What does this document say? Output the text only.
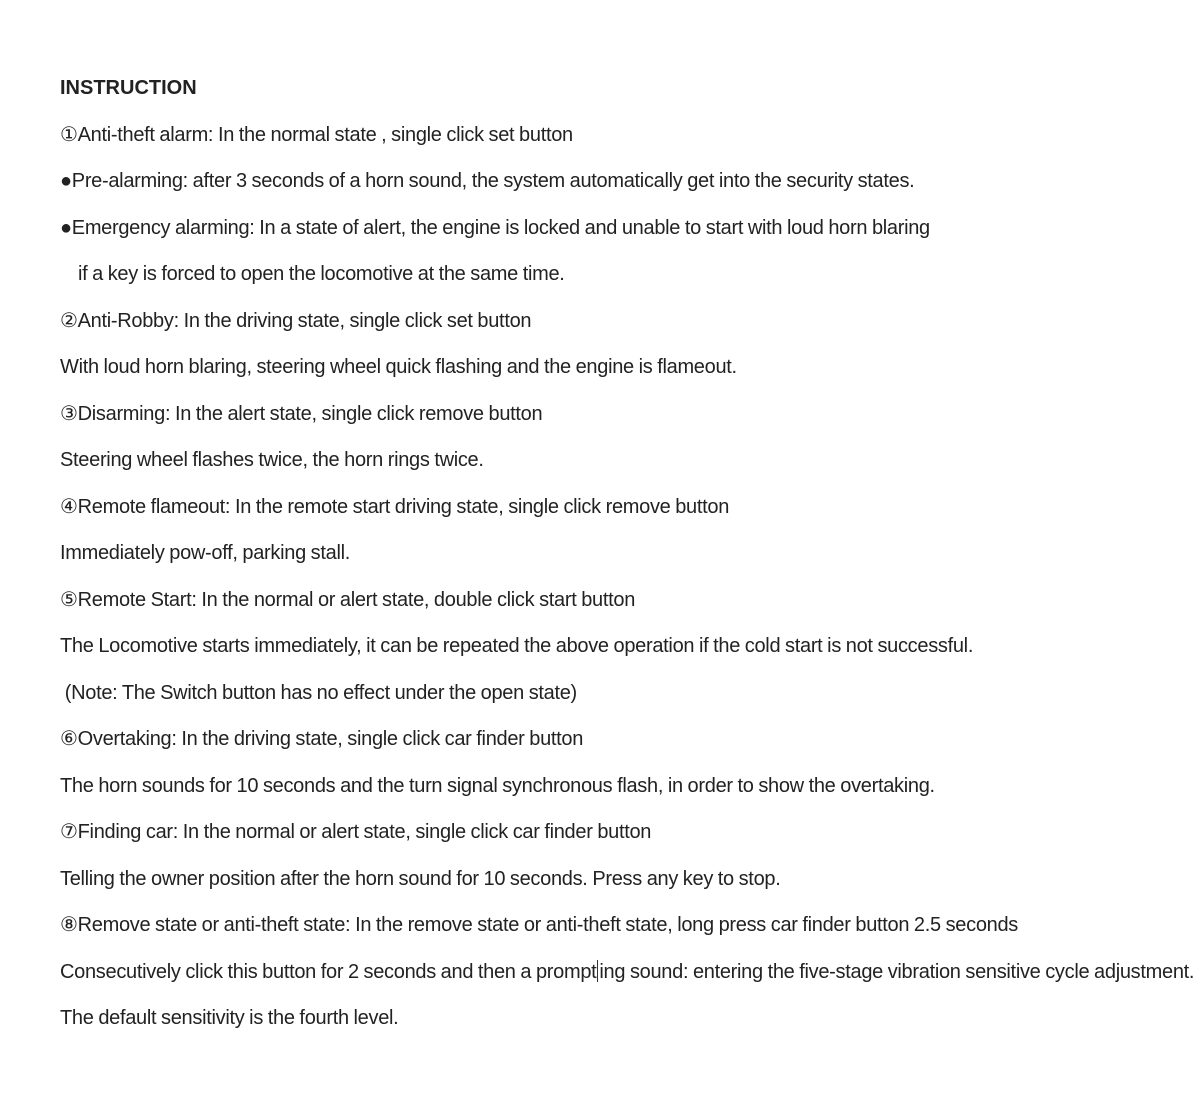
INSTRUCTION
①Anti-theft alarm: In the normal state , single click set button
●Pre-alarming: after 3 seconds of a horn sound, the system automatically get into the security states.
●Emergency alarming: In a state of alert, the engine is locked and unable to start with loud horn blaring
if a key is forced to open the locomotive at the same time.
②Anti-Robby: In the driving state, single click set button
With loud horn blaring, steering wheel quick flashing and the engine is flameout.
③Disarming: In the alert state, single click remove button
Steering wheel flashes twice, the horn rings twice.
④Remote flameout: In the remote start driving state, single click remove button
Immediately pow-off, parking stall.
⑤Remote Start: In the normal or alert state, double click start button
The Locomotive starts immediately, it can be repeated the above operation if the cold start is not successful.
(Note: The Switch button has no effect under the open state)
⑥Overtaking: In the driving state, single click car finder button
The horn sounds for 10 seconds and the turn signal synchronous flash, in order to show the overtaking.
⑦Finding car: In the normal or alert state, single click car finder button
Telling the owner position after the horn sound for 10 seconds. Press any key to stop.
⑧Remove state or anti-theft state: In the remove state or anti-theft state, long press car finder button 2.5 seconds
Consecutively click this button for 2 seconds and then a prompt ing sound: entering the five-stage vibration sensitive cycle adjustment.
The default sensitivity is the fourth level.
